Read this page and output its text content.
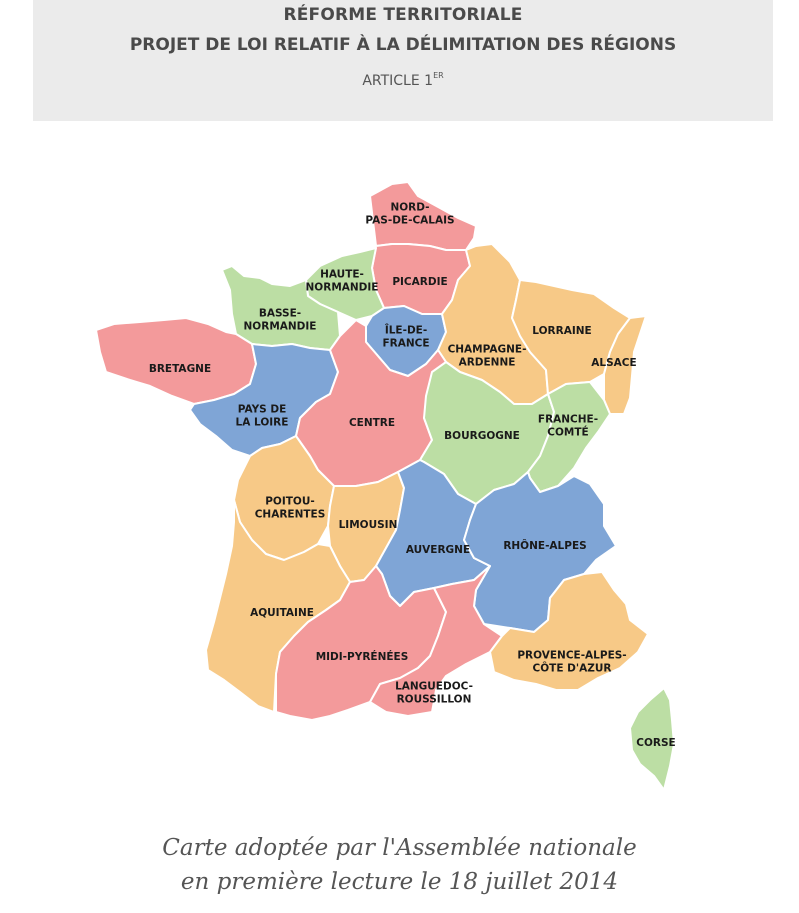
RÉFORME TERRITORIALE
PROJET DE LOI RELATIF À LA DÉLIMITATION DES RÉGIONS
ARTICLE 1ER
NORD-PAS-DE-CALAIS
PICARDIE
HAUTE-NORMANDIE
BASSE-NORMANDIE
BRETAGNE
ÎLE-DE-FRANCE CHAMPAGNE-ARDENNE
LORRAINE
ALSACE
PAYS DE LA LOIRE	CENTRE
BOURGOGNE
FRANCHE-COMTÉ
POITOU-CHARENTES
LIMOUSIN
AUVERGNE	RHÔNE-ALPES
AQUITAINE
MIDI-PYRÉNÉES
LANGUEDOC-ROUSSILLON
PROVENCE-ALPES-CÔTE D'AZUR
CORSE
Carte adoptée par l'Assemblée nationale
en première lecture le 18 juillet 2014
